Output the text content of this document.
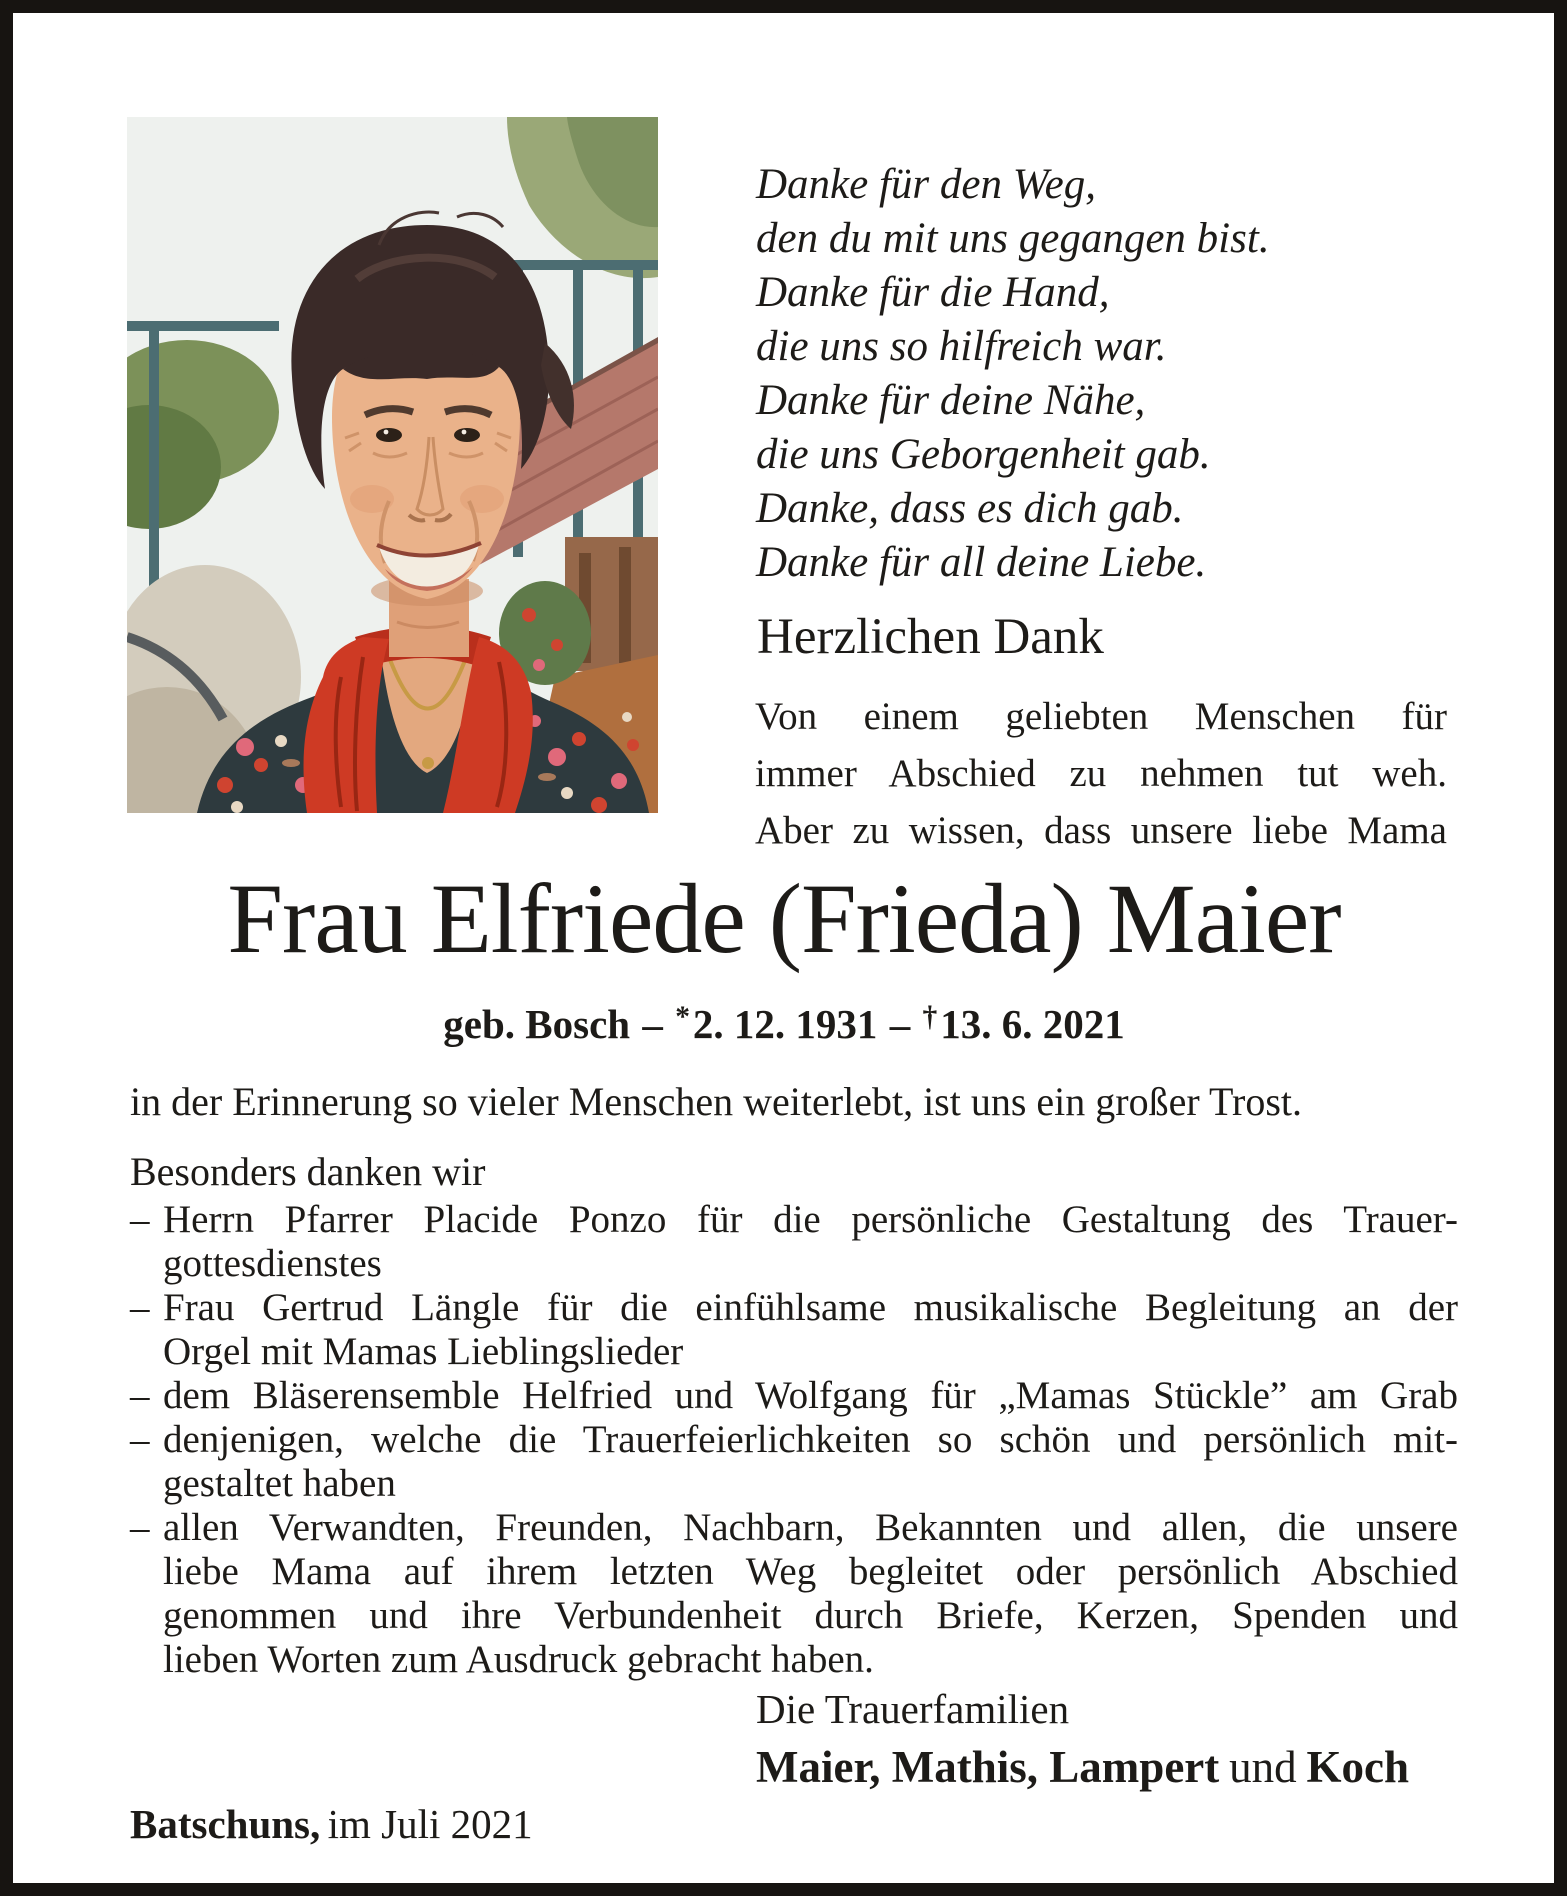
Danke für den Weg,
den du mit uns gegangen bist.
Danke für die Hand,
die uns so hilfreich war.
Danke für deine Nähe,
die uns Geborgenheit gab.
Danke, dass es dich gab.
Danke für all deine Liebe.
Herzlichen Dank
Von einem geliebten Menschen für
immer Abschied zu nehmen tut weh.
Aber zu wissen, dass unsere liebe Mama
Frau Elfriede (Frieda) Maier
geb. Bosch – *2. 12. 1931 – †13. 6. 2021
in der Erinnerung so vieler Menschen weiterlebt, ist uns ein großer Trost.
Besonders danken wir
– Herrn Pfarrer Placide Ponzo für die persönliche Gestaltung des Trauer-
gottesdienstes
– Frau Gertrud Längle für die einfühlsame musikalische Begleitung an der
Orgel mit Mamas Lieblingslieder
– dem Bläserensemble Helfried und Wolfgang für „Mamas Stückle” am Grab
– denjenigen, welche die Trauerfeierlichkeiten so schön und persönlich mit-
gestaltet haben
– allen Verwandten, Freunden, Nachbarn, Bekannten und allen, die unsere
liebe Mama auf ihrem letzten Weg begleitet oder persönlich Abschied
genommen und ihre Verbundenheit durch Briefe, Kerzen, Spenden und
lieben Worten zum Ausdruck gebracht haben.
Die Trauerfamilien
Maier, Mathis, Lampert und Koch
Batschuns, im Juli 2021
